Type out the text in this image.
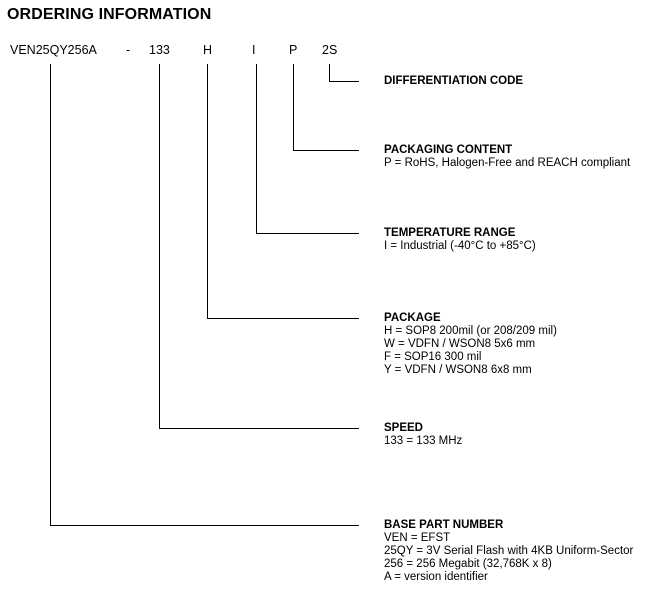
ORDERING INFORMATION
VEN25QY256A - 133	H	I	P 2S
DIFFERENTIATION CODE
PACKAGING CONTENT
P = RoHS, Halogen-Free and REACH compliant
TEMPERATURE RANGE
I = Industrial (-40°C to +85°C)
PACKAGE
H = SOP8 200mil (or 208/209 mil)
W = VDFN / WSON8 5x6 mm
F = SOP16 300 mil
Y = VDFN / WSON8 6x8 mm
SPEED
133 = 133 MHz
BASE PART NUMBER
VEN = EFST
25QY = 3V Serial Flash with 4KB Uniform-Sector
256 = 256 Megabit (32,768K x 8)
A = version identifier
